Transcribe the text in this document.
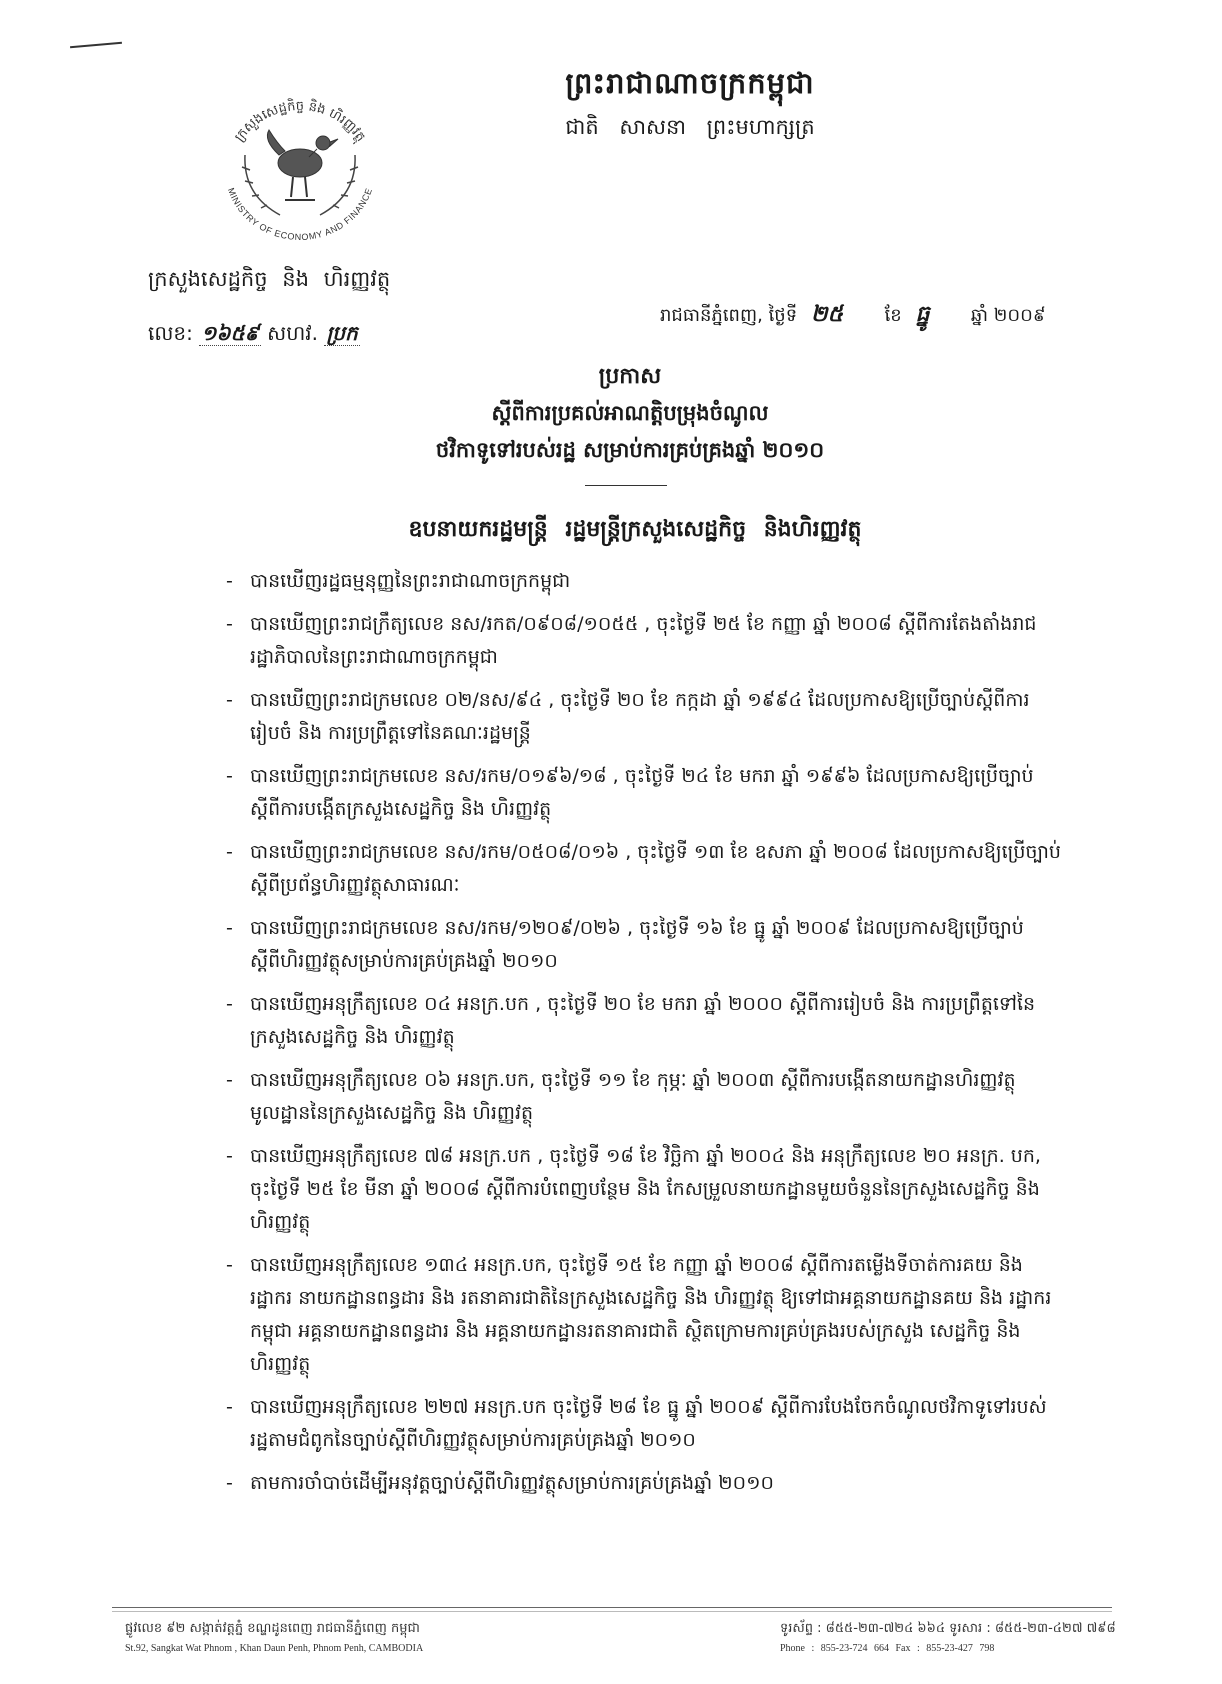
ក្រសួងសេដ្ឋកិច្ច និង ហិរញ្ញវត្ថុ
MINISTRY OF ECONOMY AND FINANCE
ព្រះរាជាណាចក្រកម្ពុជា
ជាតិ សាសនា ព្រះមហាក្សត្រ
ក្រសួងសេដ្ឋកិច្ច និង ហិរញ្ញវត្ថុ
លេខ: ១៦៥៩ សហវ. ប្រក
រាជធានីភ្នំពេញ, ថ្ងៃទី ២៥ ខែ ធ្នូ ឆ្នាំ ២០០៩
ប្រកាស
ស្តីពីការប្រគល់អាណត្តិបម្រុងចំណូល
ថវិកាទូទៅរបស់រដ្ឋ សម្រាប់ការគ្រប់គ្រងឆ្នាំ ២០១០
ឧបនាយករដ្ឋមន្ត្រី រដ្ឋមន្ត្រីក្រសួងសេដ្ឋកិច្ច និងហិរញ្ញវត្ថុ
- បានឃើញរដ្ឋធម្មនុញ្ញនៃព្រះរាជាណាចក្រកម្ពុជា
- បានឃើញព្រះរាជក្រឹត្យលេខ នស/រកត/០៩០៨/១០៥៥ , ចុះថ្ងៃទី ២៥ ខែ កញ្ញា ឆ្នាំ ២០០៨ ស្តីពីការតែងតាំងរាជរដ្ឋាភិបាលនៃព្រះរាជាណាចក្រកម្ពុជា
- បានឃើញព្រះរាជក្រមលេខ ០២/នស/៩៤ , ចុះថ្ងៃទី ២០ ខែ កក្កដា ឆ្នាំ ១៩៩៤ ដែលប្រកាសឱ្យប្រើច្បាប់ស្តីពីការរៀបចំ និង ការប្រព្រឹត្តទៅនៃគណៈរដ្ឋមន្ត្រី
- បានឃើញព្រះរាជក្រមលេខ នស/រកម/០១៩៦/១៨ , ចុះថ្ងៃទី ២៤ ខែ មករា ឆ្នាំ ១៩៩៦ ដែលប្រកាសឱ្យប្រើច្បាប់ស្តីពីការបង្កើតក្រសួងសេដ្ឋកិច្ច និង ហិរញ្ញវត្ថុ
- បានឃើញព្រះរាជក្រមលេខ នស/រកម/០៥០៨/០១៦ , ចុះថ្ងៃទី ១៣ ខែ ឧសភា ឆ្នាំ ២០០៨ ដែលប្រកាសឱ្យប្រើច្បាប់ស្តីពីប្រព័ន្ធហិរញ្ញវត្ថុសាធារណៈ
- បានឃើញព្រះរាជក្រមលេខ នស/រកម/១២០៩/០២៦ , ចុះថ្ងៃទី ១៦ ខែ ធ្នូ ឆ្នាំ ២០០៩ ដែលប្រកាសឱ្យប្រើច្បាប់ស្តីពីហិរញ្ញវត្ថុសម្រាប់ការគ្រប់គ្រងឆ្នាំ ២០១០
- បានឃើញអនុក្រឹត្យលេខ ០៤ អនក្រ.បក , ចុះថ្ងៃទី ២០ ខែ មករា ឆ្នាំ ២០០០ ស្តីពីការរៀបចំ និង ការប្រព្រឹត្តទៅនៃក្រសួងសេដ្ឋកិច្ច និង ហិរញ្ញវត្ថុ
- បានឃើញអនុក្រឹត្យលេខ ០៦ អនក្រ.បក, ចុះថ្ងៃទី ១១ ខែ កុម្ភៈ ឆ្នាំ ២០០៣ ស្តីពីការបង្កើតនាយកដ្ឋានហិរញ្ញវត្ថុមូលដ្ឋាននៃក្រសួងសេដ្ឋកិច្ច និង ហិរញ្ញវត្ថុ
- បានឃើញអនុក្រឹត្យលេខ ៧៨ អនក្រ.បក , ចុះថ្ងៃទី ១៨ ខែ វិច្ឆិកា ឆ្នាំ ២០០៤ និង អនុក្រឹត្យលេខ ២០ អនក្រ. បក, ចុះថ្ងៃទី ២៥ ខែ មីនា ឆ្នាំ ២០០៨ ស្តីពីការបំពេញបន្ថែម និង កែសម្រួលនាយកដ្ឋានមួយចំនួននៃក្រសួងសេដ្ឋកិច្ច និង ហិរញ្ញវត្ថុ
- បានឃើញអនុក្រឹត្យលេខ ១៣៤ អនក្រ.បក, ចុះថ្ងៃទី ១៥ ខែ កញ្ញា ឆ្នាំ ២០០៨ ស្តីពីការតម្លើងទីចាត់ការគយ និង រដ្ឋាករ នាយកដ្ឋានពន្ធដារ និង រតនាគារជាតិនៃក្រសួងសេដ្ឋកិច្ច និង ហិរញ្ញវត្ថុ ឱ្យទៅជាអគ្គនាយកដ្ឋានគយ និង រដ្ឋាករកម្ពុជា អគ្គនាយកដ្ឋានពន្ធដារ និង អគ្គនាយកដ្ឋានរតនាគារជាតិ ស្ថិតក្រោមការគ្រប់គ្រងរបស់ក្រសួង សេដ្ឋកិច្ច និង ហិរញ្ញវត្ថុ
- បានឃើញអនុក្រឹត្យលេខ ២២៧ អនក្រ.បក ចុះថ្ងៃទី ២៨ ខែ ធ្នូ ឆ្នាំ ២០០៩ ស្តីពីការបែងចែកចំណូលថវិកាទូទៅរបស់រដ្ឋតាមជំពូកនៃច្បាប់ស្តីពីហិរញ្ញវត្ថុសម្រាប់ការគ្រប់គ្រងឆ្នាំ ២០១០
- តាមការចាំបាច់ដើម្បីអនុវត្តច្បាប់ស្តីពីហិរញ្ញវត្ថុសម្រាប់ការគ្រប់គ្រងឆ្នាំ ២០១០
ផ្លូវលេខ ៩២ សង្កាត់វត្តភ្នំ ខណ្ឌដូនពេញ រាជធានីភ្នំពេញ កម្ពុជា
St.92, Sangkat Wat Phnom , Khan Daun Penh, Phnom Penh, CAMBODIA
ទូរស័ព្ទ : ៨៥៥-២៣-៧២៤ ៦៦៤ ទូរសារ : ៨៥៥-២៣-៤២៧ ៧៩៨
Phone : 855-23-724 664 Fax : 855-23-427 798
